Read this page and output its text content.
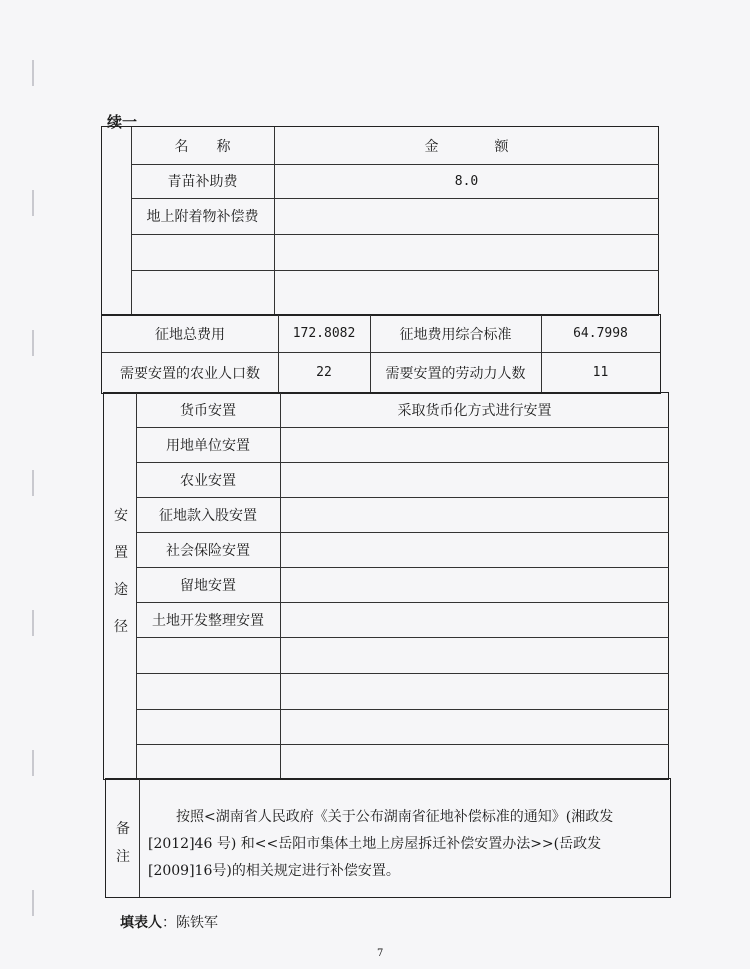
续一
名　　称	金　　　　额
青苗补助费	8.0
地上附着物补偿费
征地总费用	172.8082	征地费用综合标准	64.7998
需要安置的农业人口数	22	需要安置的劳动力人数	11
安
置
途
径
货币安置	采取货币化方式进行安置
用地单位安置
农业安置
征地款入股安置
社会保险安置
留地安置
土地开发整理安置
备
注
按照<湖南省人民政府《关于公布湖南省征地补偿标准的通知》(湘政发[2012]46 号) 和<<岳阳市集体土地上房屋拆迁补偿安置办法>>(岳政发[2009]16号)的相关规定进行补偿安置。
填表人：陈铁军
7
